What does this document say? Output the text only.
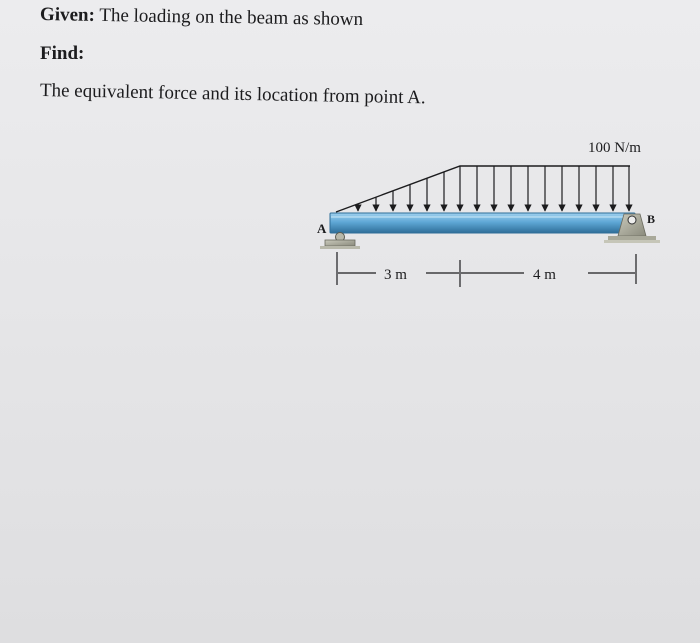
Given: The loading on the beam as shown
Find:
The equivalent force and its location from point A.
A
B
100 N/m
3 m	4 m
